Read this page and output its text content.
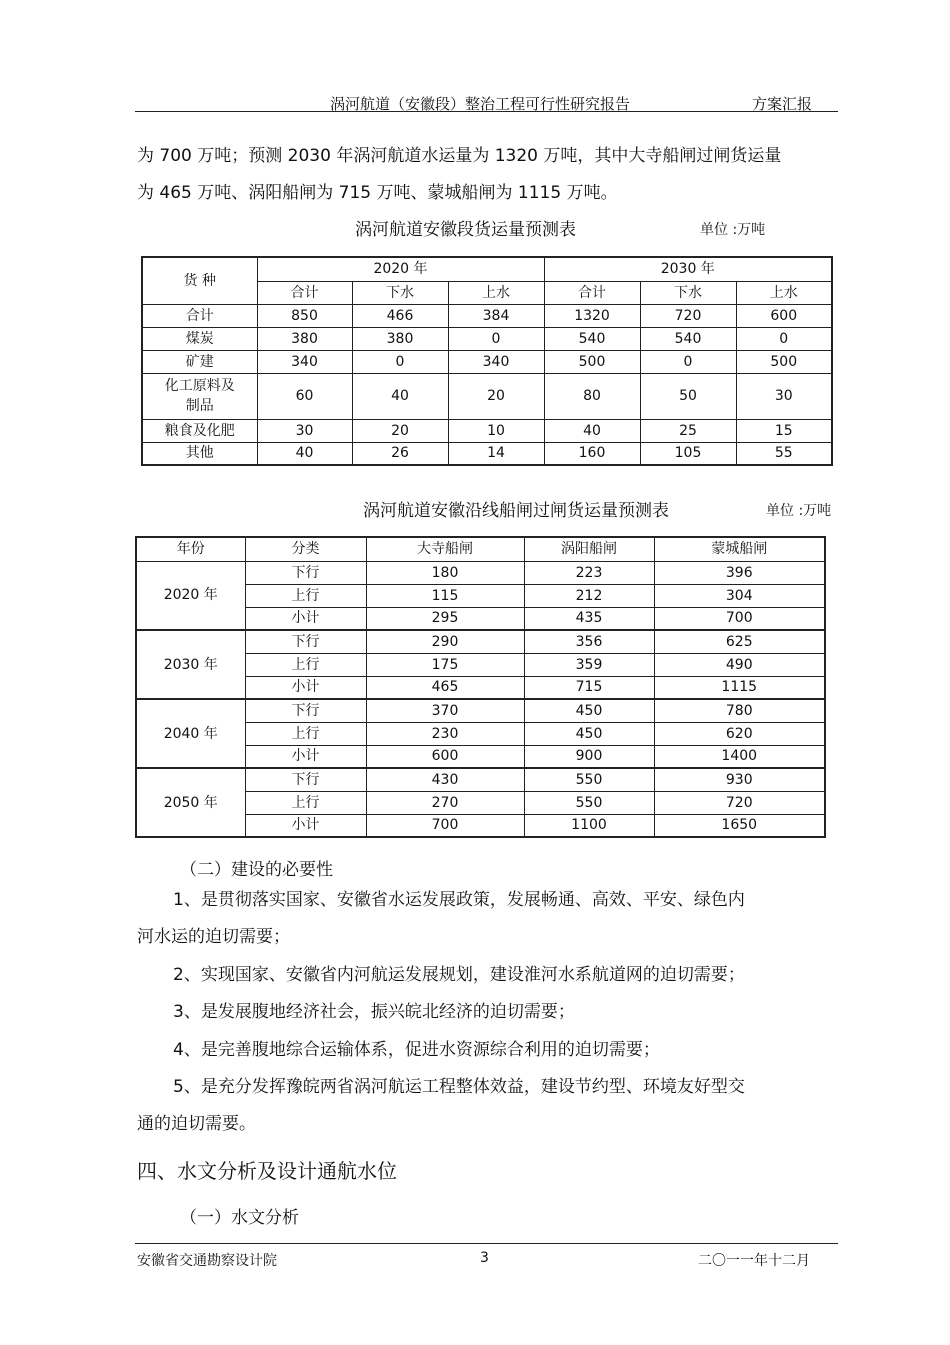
涡河航道（安徽段）整治工程可行性研究报告	方案汇报
为 700 万吨；预测 2030 年涡河航道水运量为 1320 万吨，其中大寺船闸过闸货运量
为 465 万吨、涡阳船闸为 715 万吨、蒙城船闸为 1115 万吨。
涡河航道安徽段货运量预测表	单位 :万吨
货 种	2020 年			2030 年		
	合计	下水	上水	合计	下水	上水
合计	850	466	384	1320	720	600
煤炭	380	380	0	540	540	0
矿建	340	0	340	500	0	500

化工原料及
制品	60	40	20	80	50	30
粮食及化肥	30	20	10	40	25	15
其他	40	26	14	160	105	55
涡河航道安徽沿线船闸过闸货运量预测表	单位 :万吨
年份	分类	大寺船闸	涡阳船闸	蒙城船闸
2020 年	下行	180	223	396
	上行	115	212	304
	小计	295	435	700
2030 年	下行	290	356	625
	上行	175	359	490
	小计	465	715	1115
2040 年	下行	370	450	780
	上行	230	450	620
	小计	600	900	1400
2050 年	下行	430	550	930
	上行	270	550	720
	小计	700	1100	1650
（二）建设的必要性
1、是贯彻落实国家、安徽省水运发展政策，发展畅通、高效、平安、绿色内
河水运的迫切需要；
2、实现国家、安徽省内河航运发展规划，建设淮河水系航道网的迫切需要；
3、是发展腹地经济社会，振兴皖北经济的迫切需要；
4、是完善腹地综合运输体系，促进水资源综合利用的迫切需要；
5、是充分发挥豫皖两省涡河航运工程整体效益，建设节约型、环境友好型交
通的迫切需要。
四、水文分析及设计通航水位
（一）水文分析
安徽省交通勘察设计院	3	二〇一一年十二月
